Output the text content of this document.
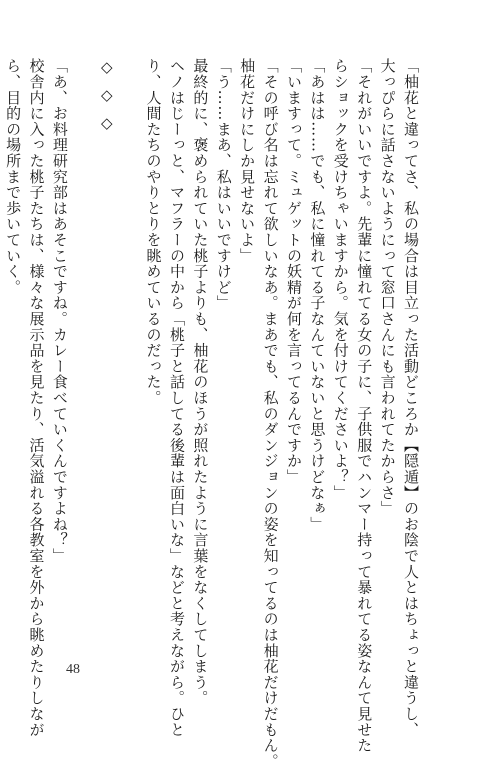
「柚花と違ってさ、私の場合は目立った活動どころか【隠遁】のお陰で人とはちょっと違うし、
大っぴらに話さないようにって窓口さんにも言われてたからさ」
「それがいいですよ。先輩に憧れてる女の子に、子供服でハンマー持って暴れてる姿なんて見せた
らショックを受けちゃいますから。気を付けてくださいよ？」
「あはは……でも、私に憧れてる子なんていないと思うけどなぁ」
「いますって。ミュゲットの妖精が何を言ってるんですか」
「その呼び名は忘れて欲しいなあ。まあでも、私のダンジョンの姿を知ってるのは柚花だけだもん。
柚花だけにしか見せないよ」
「う……まあ、私はいいですけど」
最終的に、褒められていた桃子よりも、柚花のほうが照れたように言葉をなくしてしまう。
ヘノはじーっと、マフラーの中から「桃子と話してる後輩は面白いな」などと考えながら。ひと
り、人間たちのやりとりを眺めているのだった。
◇◇◇
「あ、お料理研究部はあそこですね。カレー食べていくんですよね？」
校舎内に入った桃子たちは、様々な展示品を見たり、活気溢れる各教室を外から眺めたりしなが
ら、目的の場所まで歩いていく。
48
